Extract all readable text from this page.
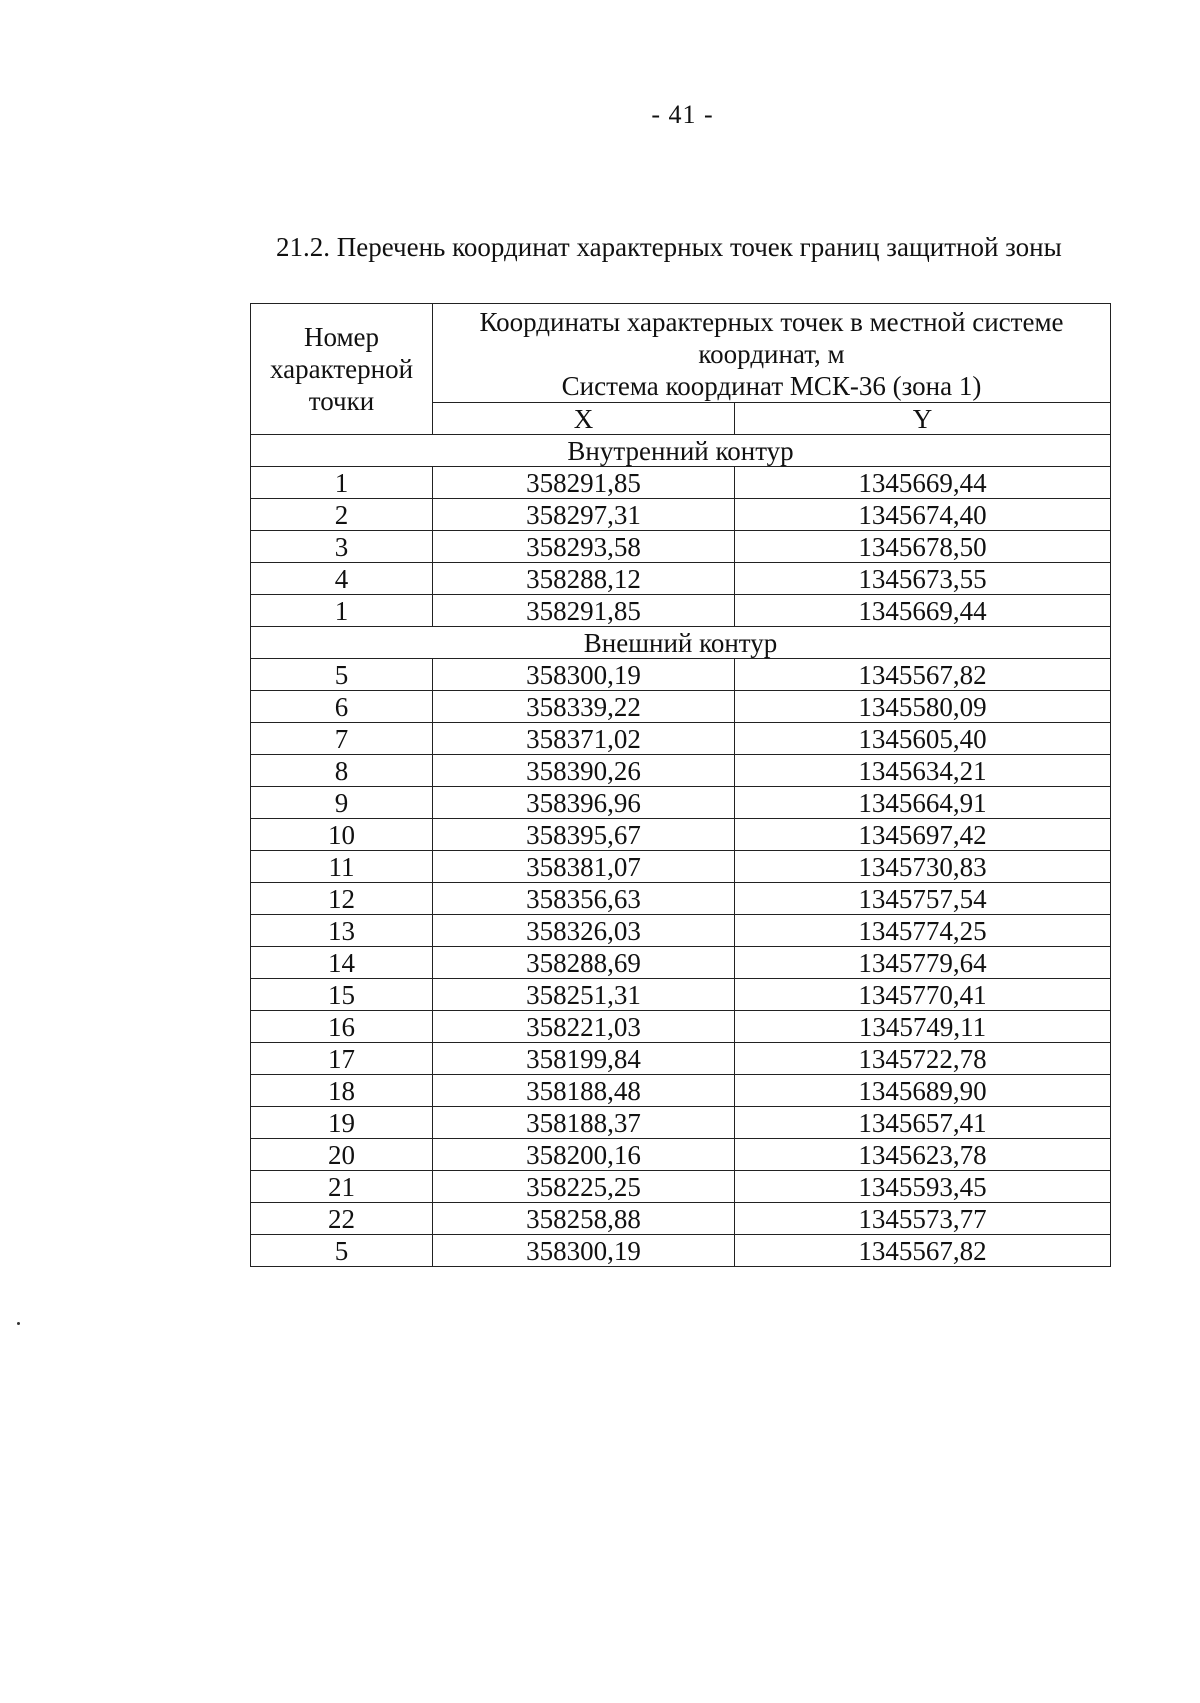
- 41 -
21.2. Перечень координат характерных точек границ защитной зоны
Номер
характерной
точки	Координаты характерных точек в местной системе
координат, м
Система координат МСК-36 (зона 1)	

	X	Y
Внутренний контур		
1	358291,85	1345669,44
2	358297,31	1345674,40
3	358293,58	1345678,50
4	358288,12	1345673,55
1	358291,85	1345669,44
Внешний контур		
5	358300,19	1345567,82
6	358339,22	1345580,09
7	358371,02	1345605,40
8	358390,26	1345634,21
9	358396,96	1345664,91
10	358395,67	1345697,42
11	358381,07	1345730,83
12	358356,63	1345757,54
13	358326,03	1345774,25
14	358288,69	1345779,64
15	358251,31	1345770,41
16	358221,03	1345749,11
17	358199,84	1345722,78
18	358188,48	1345689,90
19	358188,37	1345657,41
20	358200,16	1345623,78
21	358225,25	1345593,45
22	358258,88	1345573,77
5	358300,19	1345567,82
